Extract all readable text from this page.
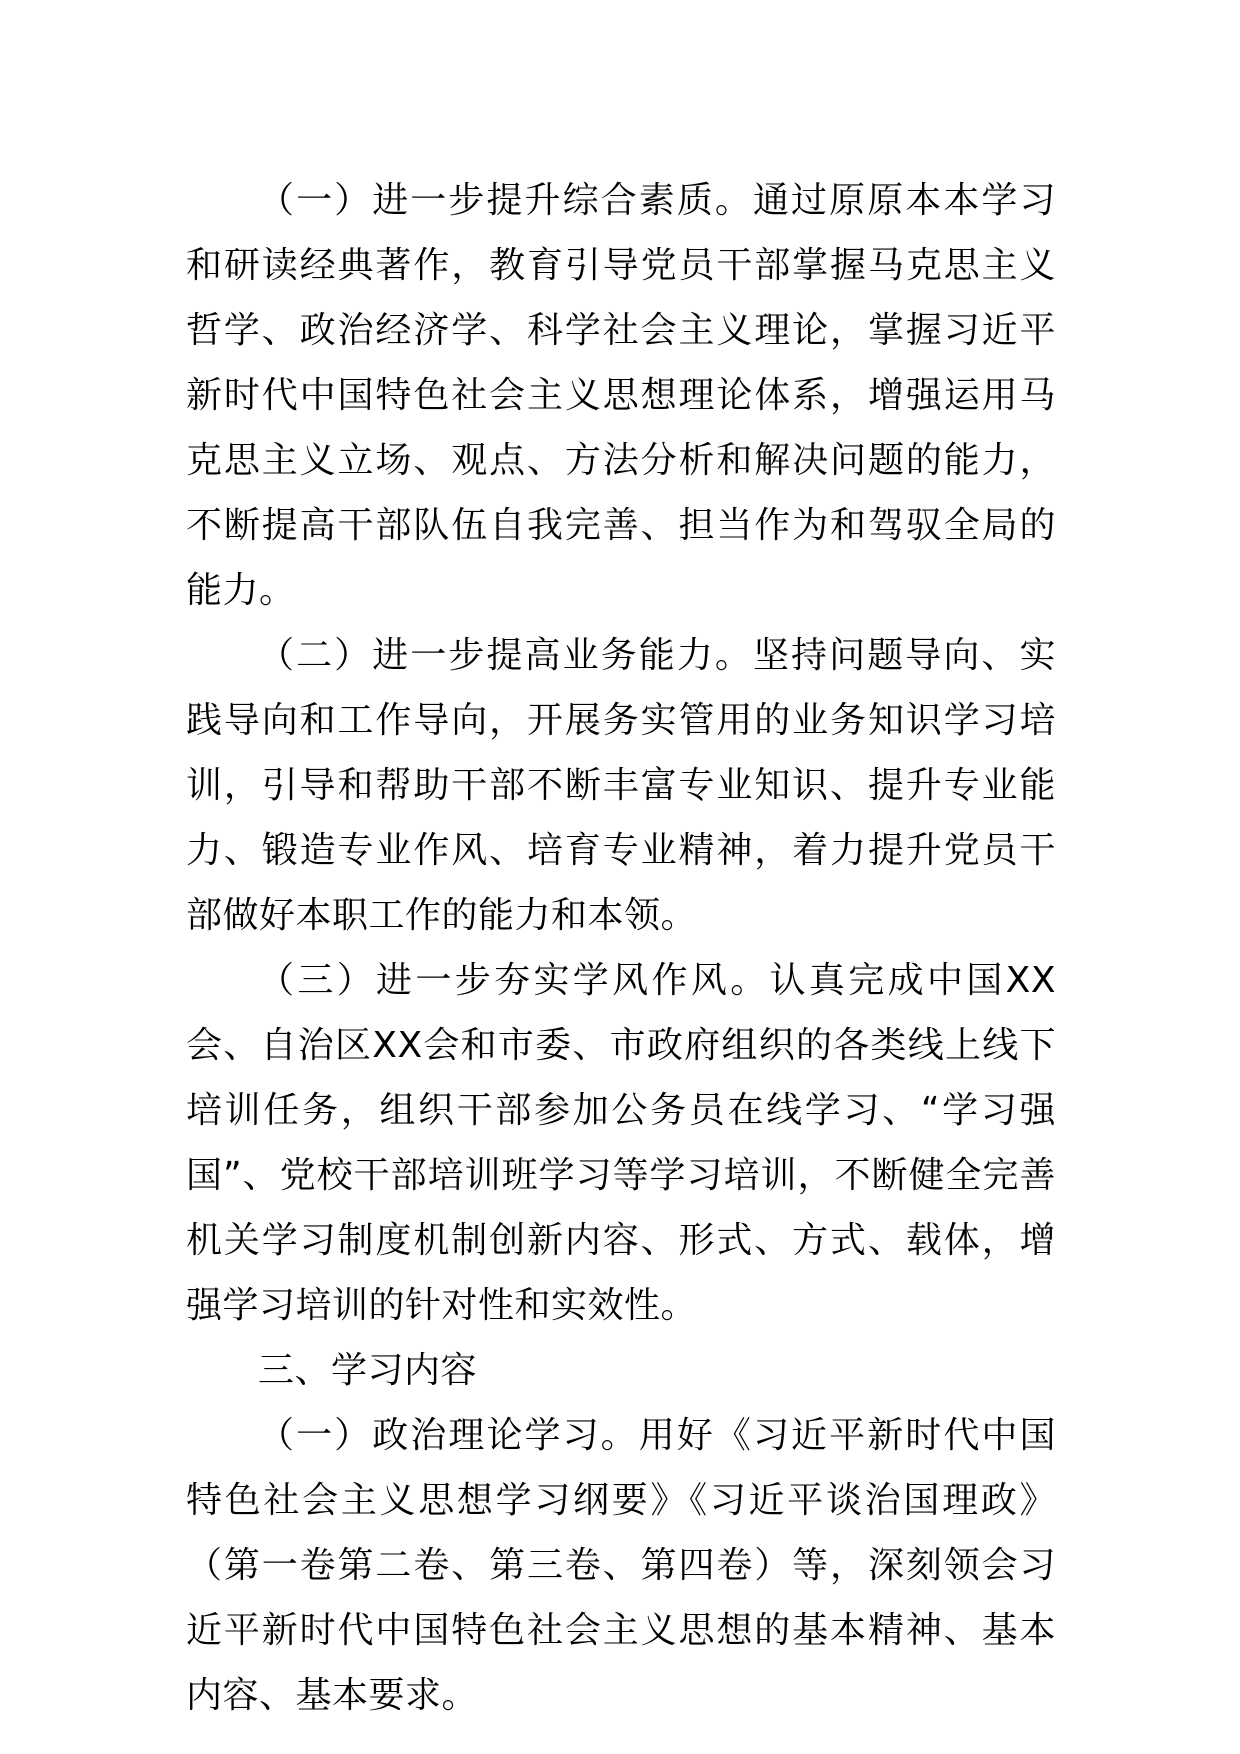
（一）进一步提升综合素质。通过原原本本学习和研读经典著作，教育引导党员干部掌握马克思主义哲学、政治经济学、科学社会主义理论，掌握习近平新时代中国特色社会主义思想理论体系，增强运用马克思主义立场、观点、方法分析和解决问题的能力，不断提高干部队伍自我完善、担当作为和驾驭全局的能力。

（二）进一步提高业务能力。坚持问题导向、实践导向和工作导向，开展务实管用的业务知识学习培训，引导和帮助干部不断丰富专业知识、提升专业能力、锻造专业作风、培育专业精神，着力提升党员干部做好本职工作的能力和本领。

（三）进一步夯实学风作风。认真完成中国XX会、自治区XX会和市委、市政府组织的各类线上线下培训任务，组织干部参加公务员在线学习、“学习强国”、党校干部培训班学习等学习培训，不断健全完善机关学习制度机制创新内容、形式、方式、载体，增强学习培训的针对性和实效性。

三、学习内容

（一）政治理论学习。用好《习近平新时代中国特色社会主义思想学习纲要》《习近平谈治国理政》（第一卷第二卷、第三卷、第四卷）等，深刻领会习近平新时代中国特色社会主义思想的基本精神、基本内容、基本要求。
